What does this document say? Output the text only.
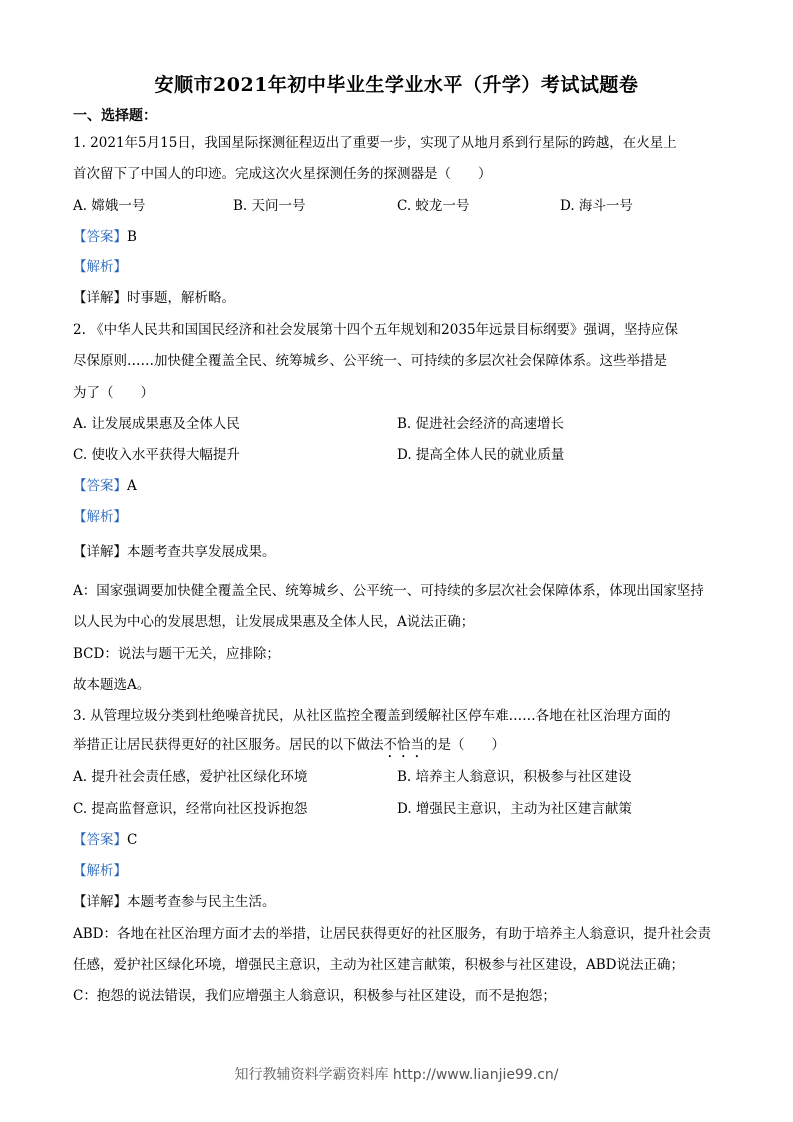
安顺市2021年初中毕业生学业水平（升学）考试试题卷
一、选择题：
1. 2021年5月15日，我国星际探测征程迈出了重要一步，实现了从地月系到行星际的跨越，在火星上
首次留下了中国人的印迹。完成这次火星探测任务的探测器是（　　）
A. 嫦娥一号	B. 天问一号	C. 蛟龙一号	D. 海斗一号
【答案】B
【解析】
【详解】时事题，解析略。
2. 《中华人民共和国国民经济和社会发展第十四个五年规划和2035年远景目标纲要》强调，坚持应保
尽保原则……加快健全覆盖全民、统筹城乡、公平统一、可持续的多层次社会保障体系。这些举措是
为了（　　）
A. 让发展成果惠及全体人民	B. 促进社会经济的高速增长
C. 使收入水平获得大幅提升	D. 提高全体人民的就业质量
【答案】A
【解析】
【详解】本题考查共享发展成果。
A：国家强调要加快健全覆盖全民、统筹城乡、公平统一、可持续的多层次社会保障体系，体现出国家坚持
以人民为中心的发展思想，让发展成果惠及全体人民，A说法正确；
BCD：说法与题干无关，应排除；
故本题选A。
3. 从管理垃圾分类到杜绝噪音扰民，从社区监控全覆盖到缓解社区停车难……各地在社区治理方面的
举措正让居民获得更好的社区服务。居民的以下做法不恰当的是（　　）
A. 提升社会责任感，爱护社区绿化环境	B. 培养主人翁意识，积极参与社区建设
C. 提高监督意识，经常向社区投诉抱怨	D. 增强民主意识，主动为社区建言献策
【答案】C
【解析】
【详解】本题考查参与民主生活。
ABD：各地在社区治理方面才去的举措，让居民获得更好的社区服务，有助于培养主人翁意识，提升社会责
任感，爱护社区绿化环境，增强民主意识，主动为社区建言献策，积极参与社区建设，ABD说法正确；
C：抱怨的说法错误，我们应增强主人翁意识，积极参与社区建设，而不是抱怨；
知行教辅资料学霸资料库 http://www.lianjie99.cn/
